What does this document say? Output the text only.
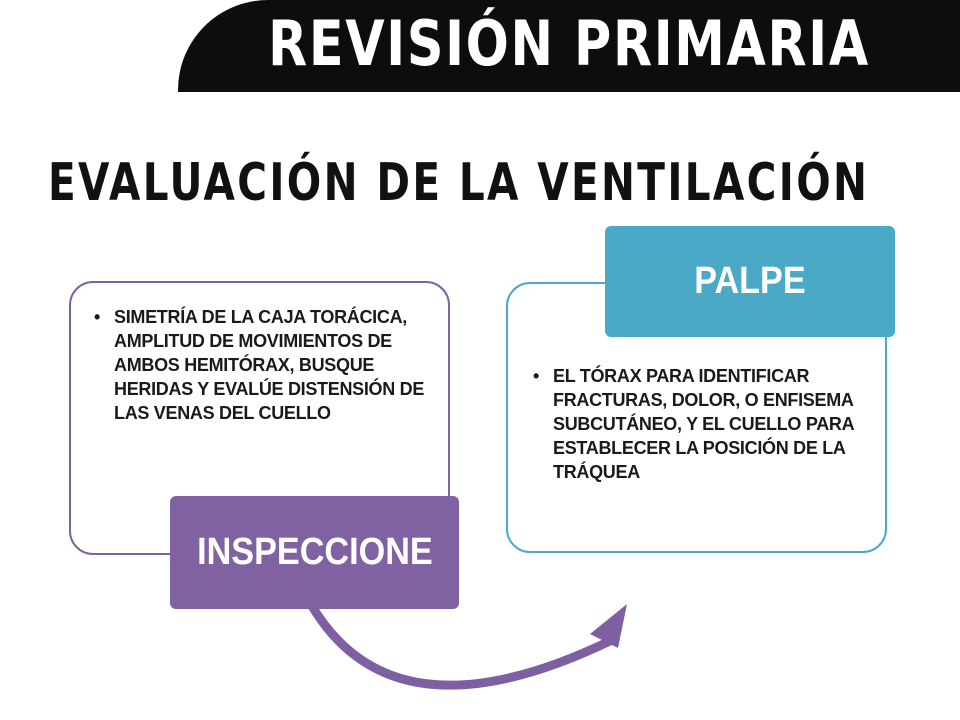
REVISIÓN PRIMARIA
EVALUACIÓN DE LA VENTILACIÓN
• SIMETRÍA DE LA CAJA TORÁCICA, AMPLITUD DE MOVIMIENTOS DE AMBOS HEMITÓRAX, BUSQUE HERIDAS Y EVALÚE DISTENSIÓN DE LAS VENAS DEL CUELLO
• EL TÓRAX PARA IDENTIFICAR FRACTURAS, DOLOR, O ENFISEMA SUBCUTÁNEO, Y EL CUELLO PARA ESTABLECER LA POSICIÓN DE LA TRÁQUEA
INSPECCIONE
PALPE
